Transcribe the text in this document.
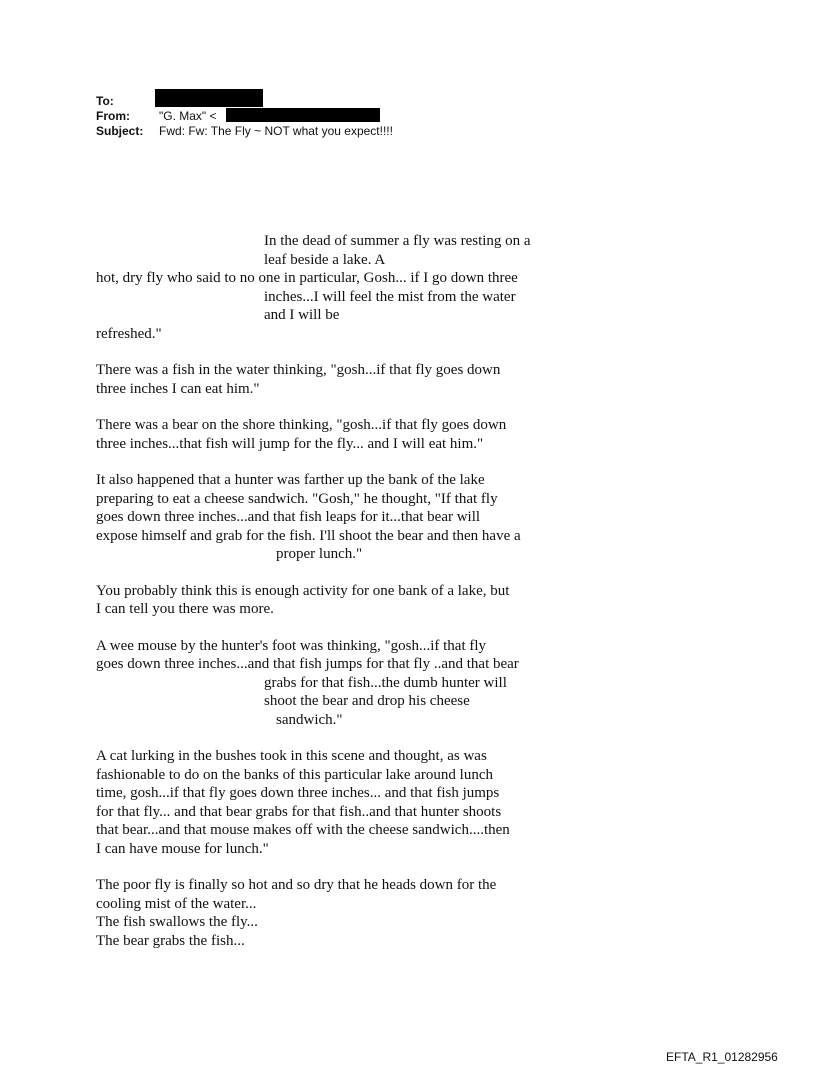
To:
From: "G. Max" <
Subject: Fwd: Fw: The Fly ~ NOT what you expect!!!!
In the dead of summer a fly was resting on a
leaf beside a lake. A
hot, dry fly who said to no one in particular, Gosh... if I go down three
inches...I will feel the mist from the water
and I will be
refreshed."
There was a fish in the water thinking, "gosh...if that fly goes down
three inches I can eat him."
There was a bear on the shore thinking, "gosh...if that fly goes down
three inches...that fish will jump for the fly... and I will eat him."
It also happened that a hunter was farther up the bank of the lake
preparing to eat a cheese sandwich. "Gosh," he thought, "If that fly
goes down three inches...and that fish leaps for it...that bear will
expose himself and grab for the fish. I'll shoot the bear and then have a
proper lunch."
You probably think this is enough activity for one bank of a lake, but
I can tell you there was more.
A wee mouse by the hunter's foot was thinking, "gosh...if that fly
goes down three inches...and that fish jumps for that fly ..and that bear
grabs for that fish...the dumb hunter will
shoot the bear and drop his cheese
sandwich."
A cat lurking in the bushes took in this scene and thought, as was
fashionable to do on the banks of this particular lake around lunch
time, gosh...if that fly goes down three inches... and that fish jumps
for that fly... and that bear grabs for that fish..and that hunter shoots
that bear...and that mouse makes off with the cheese sandwich....then
I can have mouse for lunch."
The poor fly is finally so hot and so dry that he heads down for the
cooling mist of the water...
The fish swallows the fly...
The bear grabs the fish...
EFTA_R1_01282956
